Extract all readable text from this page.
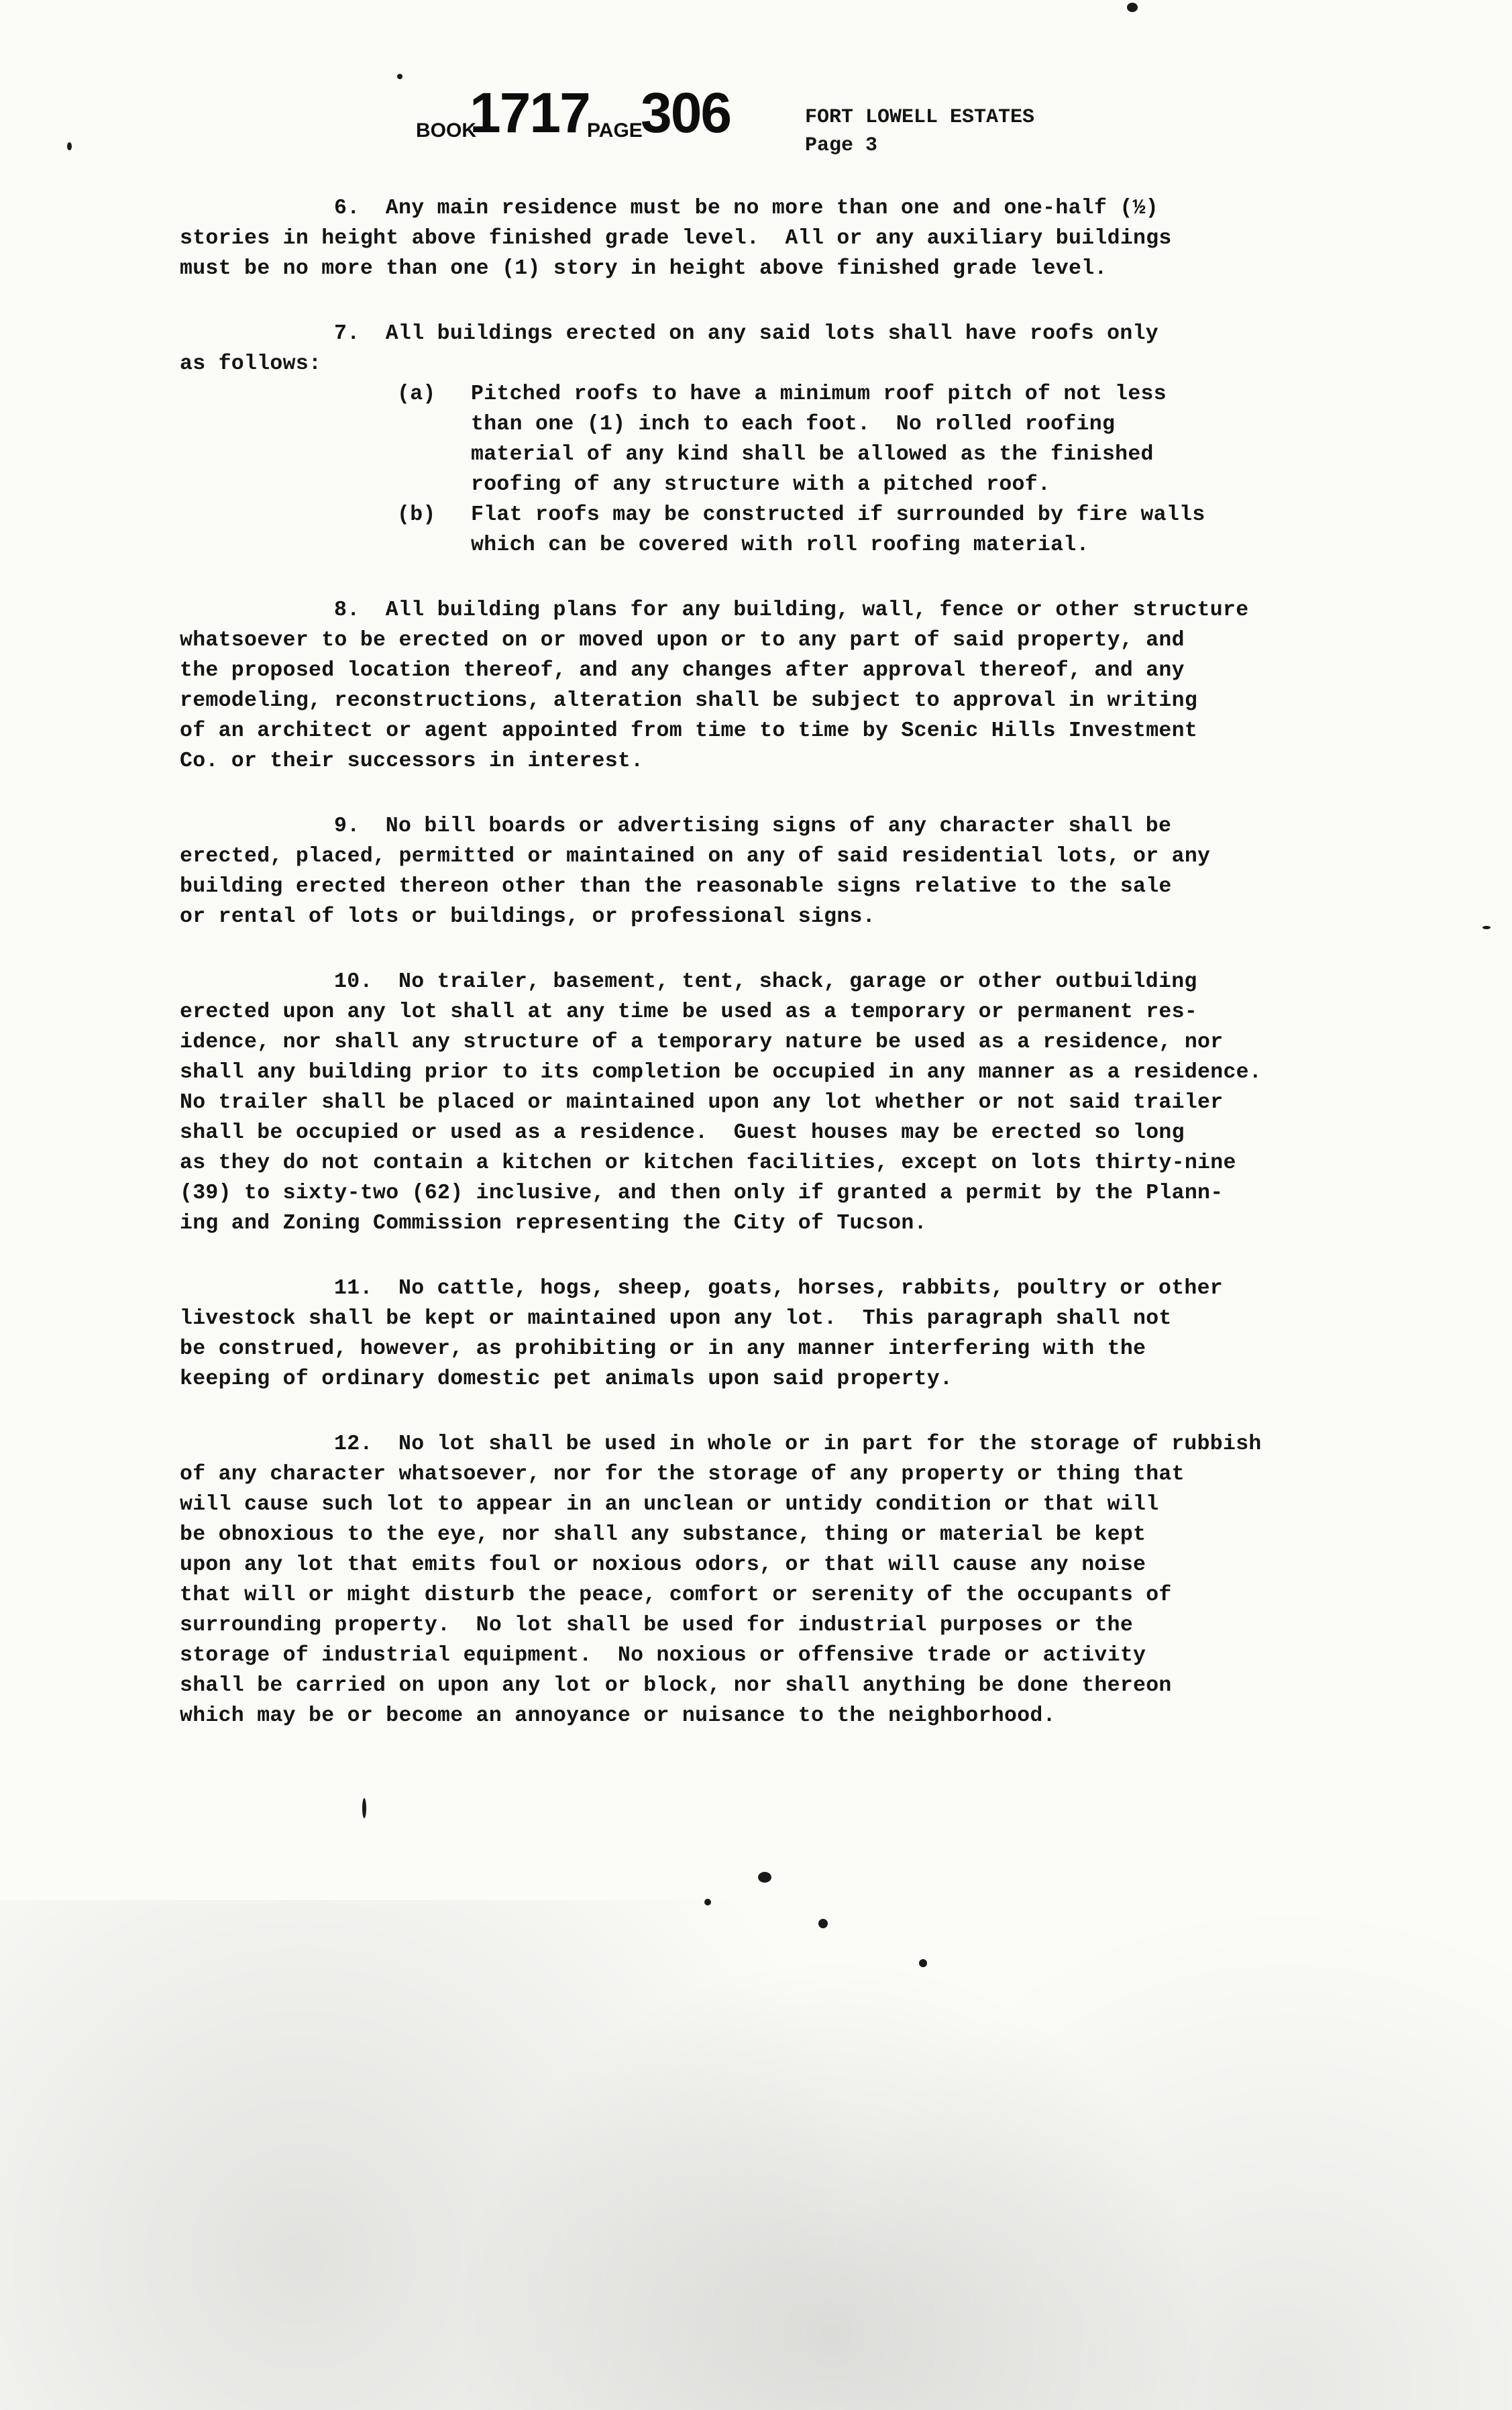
BOOK
1717
PAGE
306	FORT LOWELL ESTATES
Page 3
6.  Any main residence must be no more than one and one-half (½)
stories in height above finished grade level.  All or any auxiliary buildings
must be no more than one (1) story in height above finished grade level.
7.  All buildings erected on any said lots shall have roofs only
as follows:
(a)	Pitched roofs to have a minimum roof pitch of not less
than one (1) inch to each foot.  No rolled roofing
material of any kind shall be allowed as the finished
roofing of any structure with a pitched roof.
(b)	Flat roofs may be constructed if surrounded by fire walls
which can be covered with roll roofing material.
8.  All building plans for any building, wall, fence or other structure
whatsoever to be erected on or moved upon or to any part of said property, and
the proposed location thereof, and any changes after approval thereof, and any
remodeling, reconstructions, alteration shall be subject to approval in writing
of an architect or agent appointed from time to time by Scenic Hills Investment
Co. or their successors in interest.
9.  No bill boards or advertising signs of any character shall be
erected, placed, permitted or maintained on any of said residential lots, or any
building erected thereon other than the reasonable signs relative to the sale
or rental of lots or buildings, or professional signs.
10.  No trailer, basement, tent, shack, garage or other outbuilding
erected upon any lot shall at any time be used as a temporary or permanent res-
idence, nor shall any structure of a temporary nature be used as a residence, nor
shall any building prior to its completion be occupied in any manner as a residence.
No trailer shall be placed or maintained upon any lot whether or not said trailer
shall be occupied or used as a residence.  Guest houses may be erected so long
as they do not contain a kitchen or kitchen facilities, except on lots thirty-nine
(39) to sixty-two (62) inclusive, and then only if granted a permit by the Plann-
ing and Zoning Commission representing the City of Tucson.
11.  No cattle, hogs, sheep, goats, horses, rabbits, poultry or other
livestock shall be kept or maintained upon any lot.  This paragraph shall not
be construed, however, as prohibiting or in any manner interfering with the
keeping of ordinary domestic pet animals upon said property.
12.  No lot shall be used in whole or in part for the storage of rubbish
of any character whatsoever, nor for the storage of any property or thing that
will cause such lot to appear in an unclean or untidy condition or that will
be obnoxious to the eye, nor shall any substance, thing or material be kept
upon any lot that emits foul or noxious odors, or that will cause any noise
that will or might disturb the peace, comfort or serenity of the occupants of
surrounding property.  No lot shall be used for industrial purposes or the
storage of industrial equipment.  No noxious or offensive trade or activity
shall be carried on upon any lot or block, nor shall anything be done thereon
which may be or become an annoyance or nuisance to the neighborhood.
